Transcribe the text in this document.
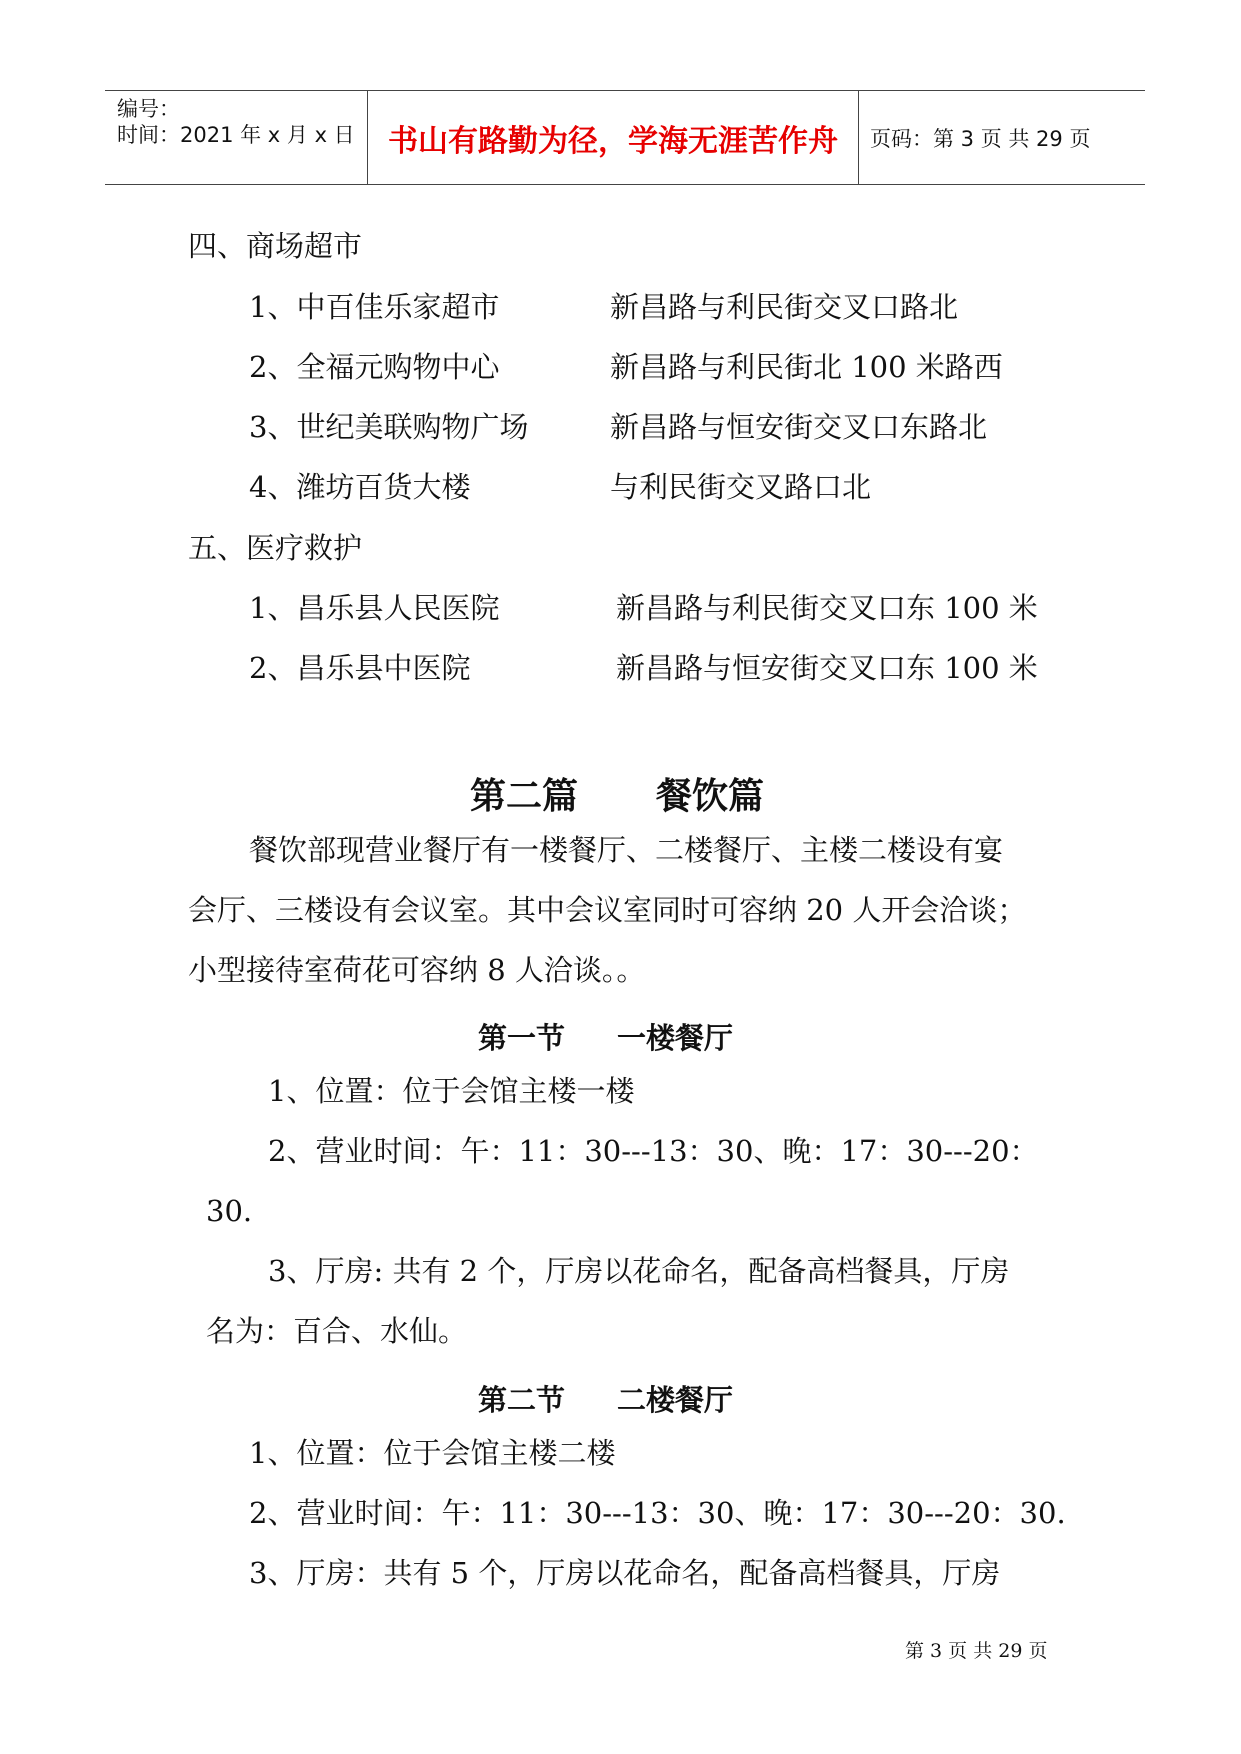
编号：
时间：2021 年 x 月 x 日	书山有路勤为径，学海无涯苦作舟	页码：第 3 页 共 29 页
四、商场超市
1、中百佳乐家超市	新昌路与利民街交叉口路北
2、全福元购物中心	新昌路与利民街北 100 米路西
3、世纪美联购物广场	新昌路与恒安街交叉口东路北
4、潍坊百货大楼	与利民街交叉路口北
五、医疗救护
1、昌乐县人民医院	新昌路与利民街交叉口东 100 米
2、昌乐县中医院	新昌路与恒安街交叉口东 100 米
第二篇 餐饮篇
餐饮部现营业餐厅有一楼餐厅、二楼餐厅、主楼二楼设有宴
会厅、三楼设有会议室。其中会议室同时可容纳 20 人开会洽谈；
小型接待室荷花可容纳 8 人洽谈。。
第一节 一楼餐厅
1、位置：位于会馆主楼一楼
2、营业时间：午：11：30---13：30、晚：17：30---20：
30.
3、厅房: 共有 2 个，厅房以花命名，配备高档餐具，厅房
名为：百合、水仙。
第二节 二楼餐厅
1、位置：位于会馆主楼二楼
2、营业时间：午：11：30---13：30、晚：17：30---20：30.
3、厅房：共有 5 个，厅房以花命名，配备高档餐具，厅房
第 3 页 共 29 页
